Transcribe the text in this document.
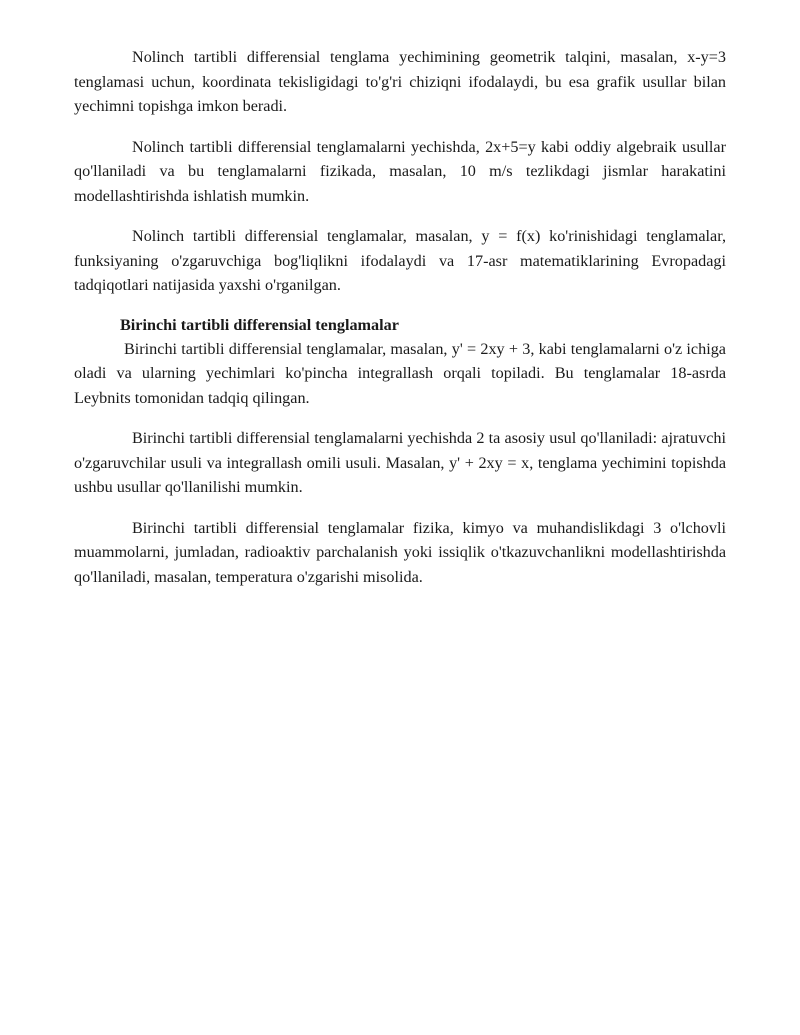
Nolinch tartibli differensial tenglama yechimining geometrik talqini, masalan, x-y=3 tenglamasi uchun, koordinata tekisligidagi to'g'ri chiziqni ifodalaydi, bu esa grafik usullar bilan yechimni topishga imkon beradi.

Nolinch tartibli differensial tenglamalarni yechishda, 2x+5=y kabi oddiy algebraik usullar qo'llaniladi va bu tenglamalarni fizikada, masalan, 10 m/s tezlikdagi jismlar harakatini modellashtirishda ishlatish mumkin.

Nolinch tartibli differensial tenglamalar, masalan, y = f(x) ko'rinishidagi tenglamalar, funksiyaning o'zgaruvchiga bog'liqlikni ifodalaydi va 17-asr matematiklarining Evropadagi tadqiqotlari natijasida yaxshi o'rganilgan.

Birinchi tartibli differensial tenglamalar

Birinchi tartibli differensial tenglamalar, masalan, y' = 2xy + 3, kabi tenglamalarni o'z ichiga oladi va ularning yechimlari ko'pincha integrallash orqali topiladi. Bu tenglamalar 18-asrda Leybnits tomonidan tadqiq qilingan.

Birinchi tartibli differensial tenglamalarni yechishda 2 ta asosiy usul qo'llaniladi: ajratuvchi o'zgaruvchilar usuli va integrallash omili usuli. Masalan, y' + 2xy = x, tenglama yechimini topishda ushbu usullar qo'llanilishi mumkin.

Birinchi tartibli differensial tenglamalar fizika, kimyo va muhandislikdagi 3 o'lchovli muammolarni, jumladan, radioaktiv parchalanish yoki issiqlik o'tkazuvchanlikni modellashtirishda qo'llaniladi, masalan, temperatura o'zgarishi misolida.
